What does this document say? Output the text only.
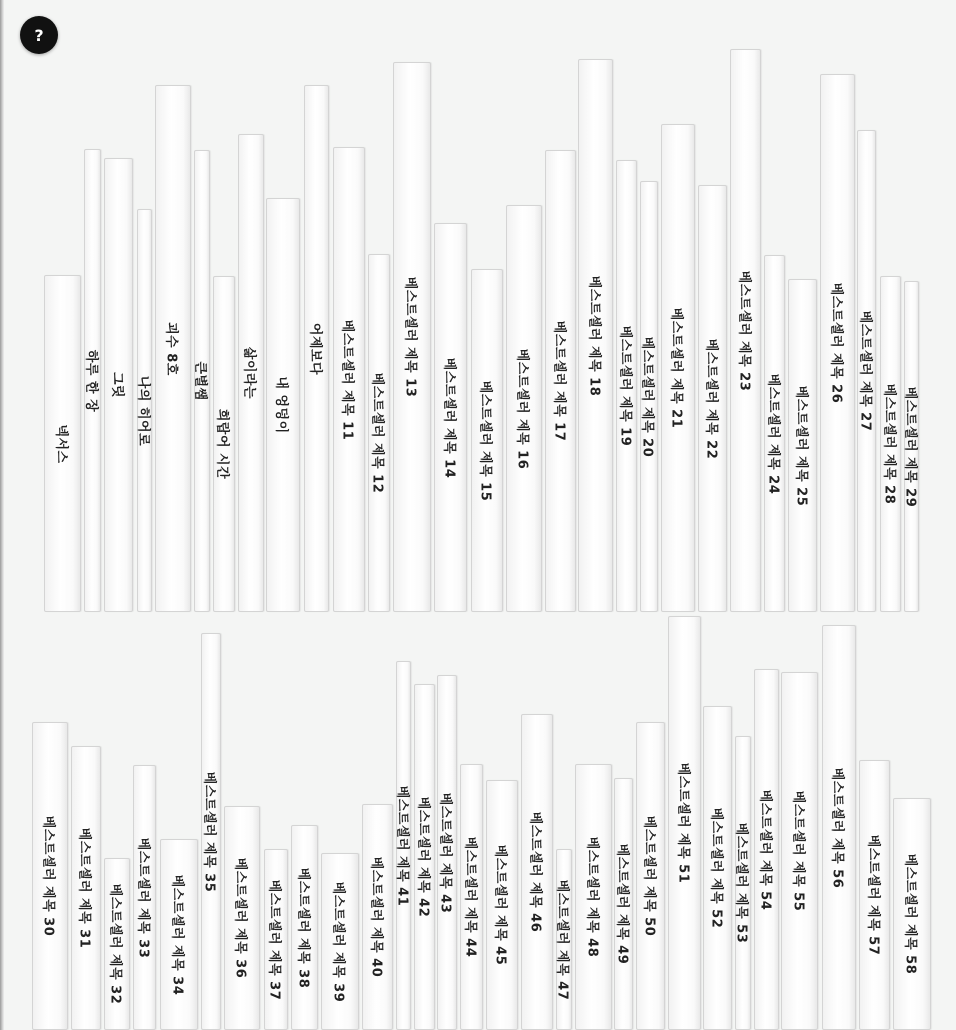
넥서스
하루 한 장 그릿 나의 히어로
괴수 8호
큰별쌤
희랍어 시간
삶이라는
내 엉덩이
어제보다	베스트셀러 제목 11	베스트셀러 제목 12
베스트셀러 제목 13
베스트셀러 제목 14	베스트셀러 제목 15	베스트셀러 제목 16	베스트셀러 제목 17	베스트셀러 제목 18	베스트셀러 제목 19 베스트셀러 제목 20	베스트셀러 제목 21	베스트셀러 제목 22
베스트셀러 제목 23
베스트셀러 제목 24	베스트셀러 제목 25
베스트셀러 제목 26	베스트셀러 제목 27
베스트셀러 제목 28 베스트셀러 제목 29
베스트셀러 제목 30	베스트셀러 제목 31	베스트셀러 제목 32 베스트셀러 제목 33	베스트셀러 제목 34
베스트셀러 제목 35
베스트셀러 제목 36	베스트셀러 제목 37	베스트셀러 제목 38	베스트셀러 제목 39	베스트셀러 제목 40
베스트셀러 제목 41 베스트셀러 제목 42 베스트셀러 제목 43 베스트셀러 제목 44	베스트셀러 제목 45	베스트셀러 제목 46
베스트셀러 제목 47	베스트셀러 제목 48	베스트셀러 제목 49 베스트셀러 제목 50	베스트셀러 제목 51	베스트셀러 제목 52 베스트셀러 제목 53 베스트셀러 제목 54	베스트셀러 제목 55	베스트셀러 제목 56
베스트셀러 제목 57	베스트셀러 제목 58
?
